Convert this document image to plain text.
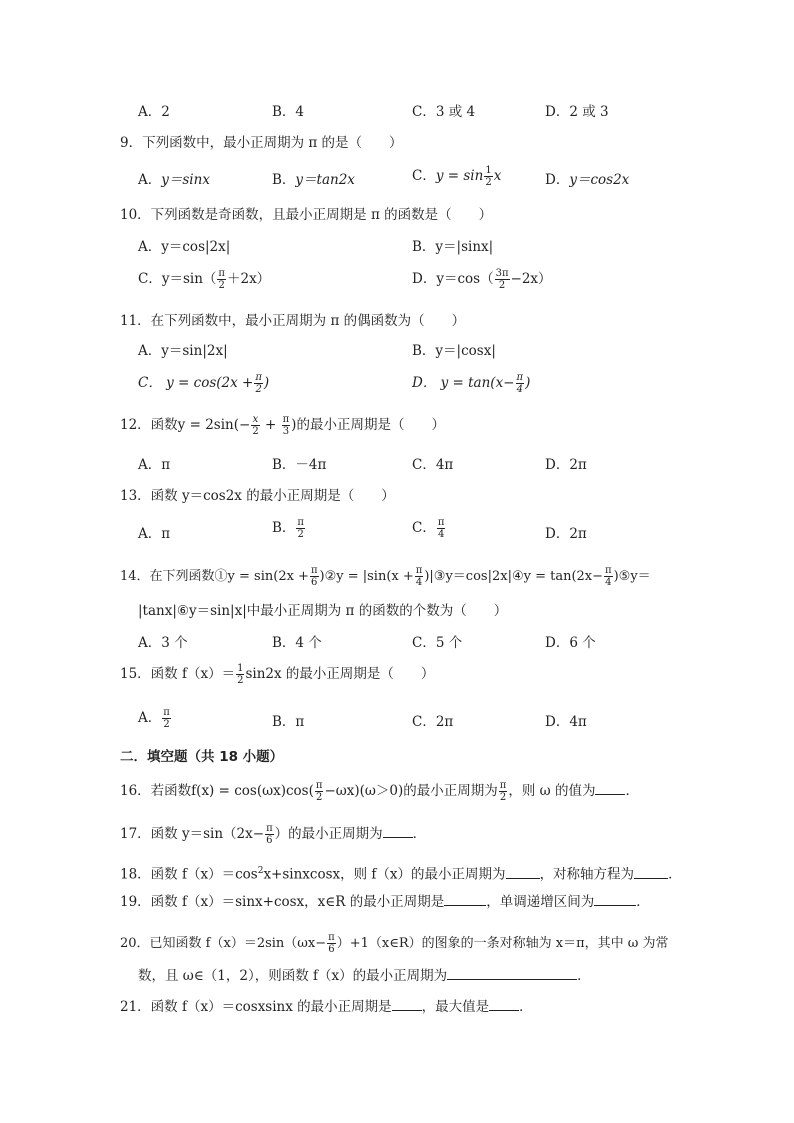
A．2	B．4	C．3 或 4	D．2 或 3
9．下列函数中，最小正周期为 π 的是（　　）
A．y＝sinx	B．y＝tan2x	C．$y = \sin \frac{1}{2}$ x	D．y＝cos2x
10．下列函数是奇函数，且最小正周期是 π 的函数是（　　）
A．y＝cos|2x|	B．y＝|sinx|
C．$y=\sin( \frac{\pi}{2} +2x)$	D．$y=\cos( \frac{3\pi}{2} -2x)$
11．在下列函数中，最小正周期为 π 的偶函数为（　　）
A．y＝sin|2x|	B．y＝|cosx|
C． $y = \cos(2x + \frac{\pi}{2}$ )	D． $y = \tan(x- \frac{\pi}{4}$ )
12．函数$y = 2\sin(- \frac{x}{2} + \frac{\pi}{3}$ )的最小正周期是（　　）
A．π	B．－4π	C．4π	D．2π
13．函数 y＝cos2x 的最小正周期是（　　）
A．π	B． $\frac{\pi}{2}$	C． $\frac{\pi}{4}$	D．2π
14．在下列函数①y = $\sin(2x + \frac{\pi}{6}$ )②y = $|\sin(x + \frac{\pi}{4}$ )|③y＝cos|2x|④y = $\tan(2x- \frac{\pi}{4}$ )⑤y＝
|tanx|⑥y＝sin|x|中最小正周期为 π 的函数的个数为（　　）
A．3 个	B．4 个	C．5 个	D．6 个
15．函数 $f(x)= \frac{1}{2} \sin 2x$ 的最小正周期是（　　）
A． $\frac{\pi}{2}$	B．π	C．2π	D．4π
二．填空题（共 18 小题）
16．若函数$f(x) = \cos(\omega x)\cos( \frac{\pi}{2} -\omega x)(\omega>0)$的最小正周期为 $\frac{\pi}{2}$ ，则 ω 的值为 ．
17．函数 $y=\sin(2x- \frac{\pi}{6}$ ）的最小正周期为 ．
18．函数 $f(x)=\cos^2x+sinxcosx$，则 f（x）的最小正周期为	，对称轴方程为	．
19．函数 f（x）＝sinx+cosx，x∈R 的最小正周期是	，单调递增区间为	．
20．已知函数 $f(x)=2\sin(\omega x- \frac{\pi}{6}$ ）+1（x∈R）的图象的一条对称轴为 x＝π，其中 ω 为常
数，且 ω∈（1，2），则函数 f（x）的最小正周期为	．
21．函数 f（x）＝cosxsinx 的最小正周期是 ，最大值是 ．
